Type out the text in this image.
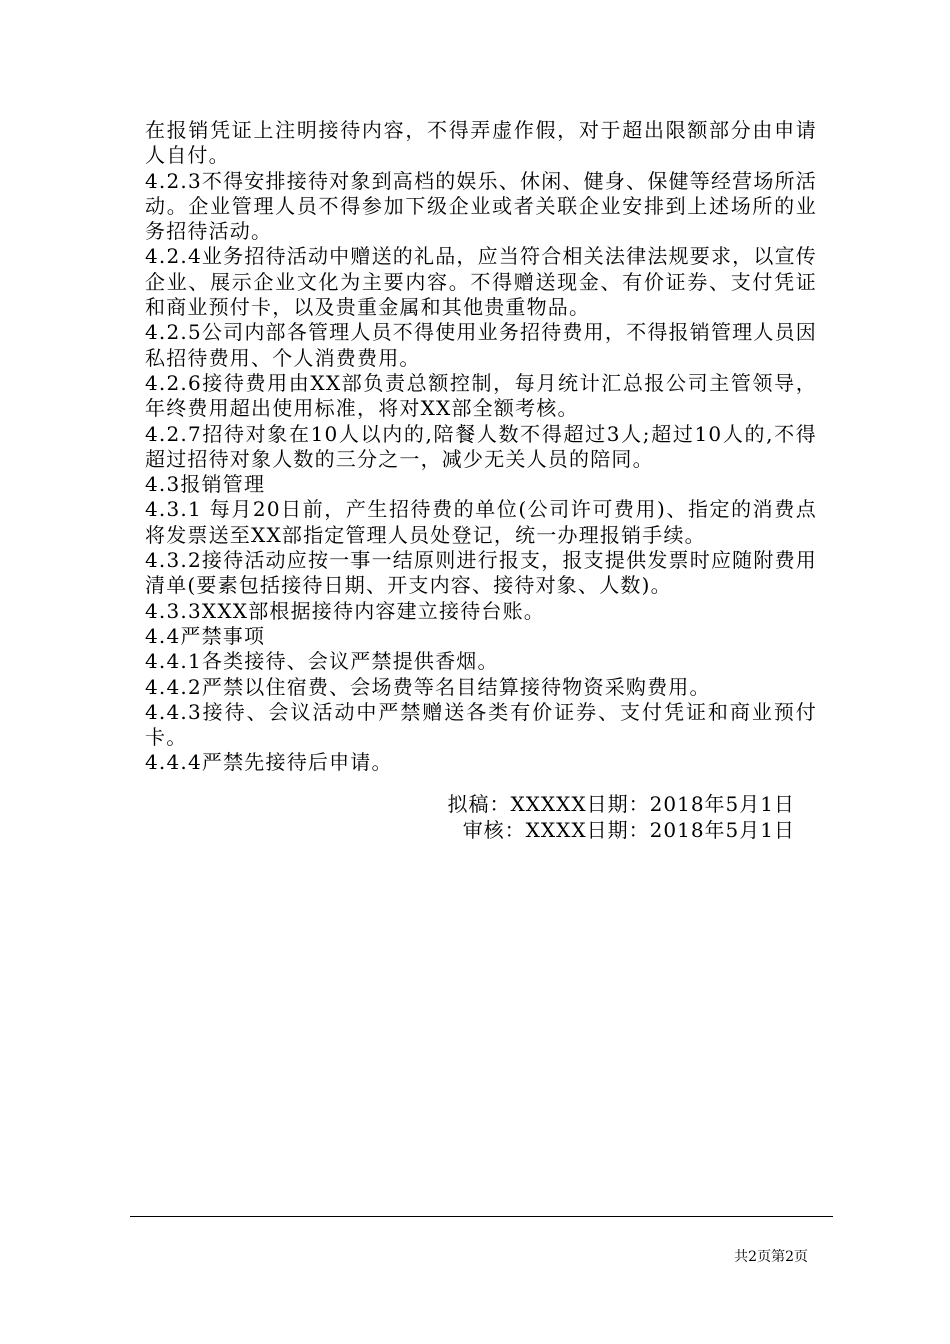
在报销凭证上注明接待内容，不得弄虚作假，对于超出限额部分由申请人自付。

4.2.3不得安排接待对象到高档的娱乐、休闲、健身、保健等经营场所活动。企业管理人员不得参加下级企业或者关联企业安排到上述场所的业务招待活动。

4.2.4业务招待活动中赠送的礼品，应当符合相关法律法规要求，以宣传企业、展示企业文化为主要内容。不得赠送现金、有价证券、支付凭证和商业预付卡，以及贵重金属和其他贵重物品。

4.2.5公司内部各管理人员不得使用业务招待费用，不得报销管理人员因私招待费用、个人消费费用。

4.2.6接待费用由XX部负责总额控制，每月统计汇总报公司主管领导，年终费用超出使用标准，将对XX部全额考核。

4.2.7招待对象在10人以内的,陪餐人数不得超过3人;超过10人的,不得超过招待对象人数的三分之一，减少无关人员的陪同。

4.3报销管理

4.3.1 每月20日前，产生招待费的单位(公司许可费用)、指定的消费点将发票送至XX部指定管理人员处登记，统一办理报销手续。

4.3.2接待活动应按一事一结原则进行报支，报支提供发票时应随附费用清单(要素包括接待日期、开支内容、接待对象、人数)。

4.3.3XXX部根据接待内容建立接待台账。

4.4严禁事项

4.4.1各类接待、会议严禁提供香烟。

4.4.2严禁以住宿费、会场费等名目结算接待物资采购费用。

4.4.3接待、会议活动中严禁赠送各类有价证券、支付凭证和商业预付卡。

4.4.4严禁先接待后申请。

拟稿：XXXXX日期：2018年5月1日
审核：XXXX日期：2018年5月1日
共2页第2页
